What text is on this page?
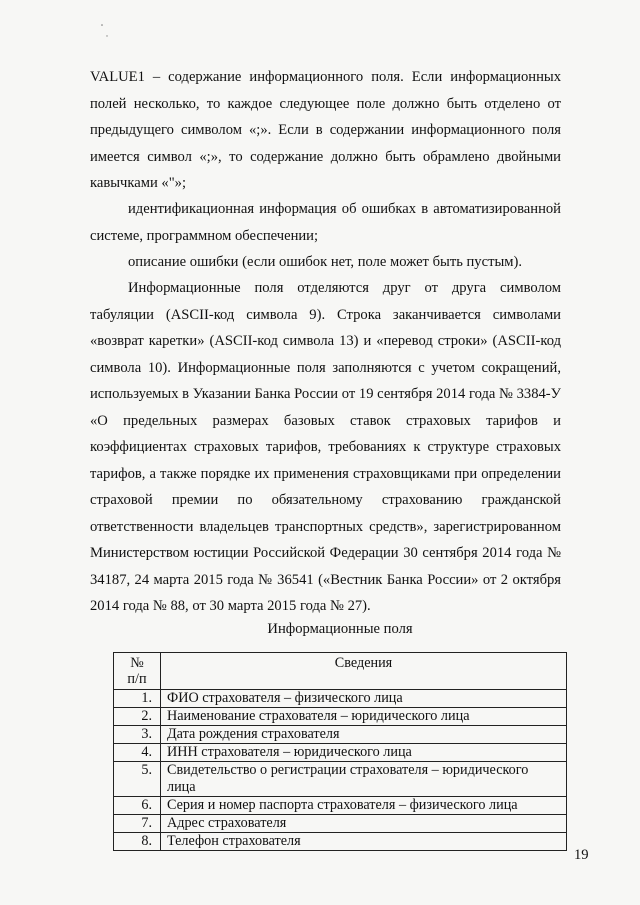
VALUE1 – содержание информационного поля. Если информационных полей несколько, то каждое следующее поле должно быть отделено от предыдущего символом «;». Если в содержании информационного поля имеется символ «;», то содержание должно быть обрамлено двойными кавычками «"»;

идентификационная информация об ошибках в автоматизированной системе, программном обеспечении;

описание ошибки (если ошибок нет, поле может быть пустым).

Информационные поля отделяются друг от друга символом табуляции (ASCII-код символа 9). Строка заканчивается символами «возврат каретки» (ASCII-код символа 13) и «перевод строки» (ASCII-код символа 10). Информационные поля заполняются с учетом сокращений, используемых в Указании Банка России от 19 сентября 2014 года № 3384-У «О предельных размерах базовых ставок страховых тарифов и коэффициентах страховых тарифов, требованиях к структуре страховых тарифов, а также порядке их применения страховщиками при определении страховой премии по обязательному страхованию гражданской ответственности владельцев транспортных средств», зарегистрированном Министерством юстиции Российской Федерации 30 сентября 2014 года № 34187, 24 марта 2015 года № 36541 («Вестник Банка России» от 2 октября 2014 года № 88, от 30 марта 2015 года № 27).

Информационные поля
№
п/п	Сведения
1.	ФИО страхователя – физического лица
2.	Наименование страхователя – юридического лица
3.	Дата рождения страхователя
4.	ИНН страхователя – юридического лица
5.	Свидетельство о регистрации страхователя – юридического лица
6.	Серия и номер паспорта страхователя – физического лица
7.	Адрес страхователя
8.	Телефон страхователя
19
